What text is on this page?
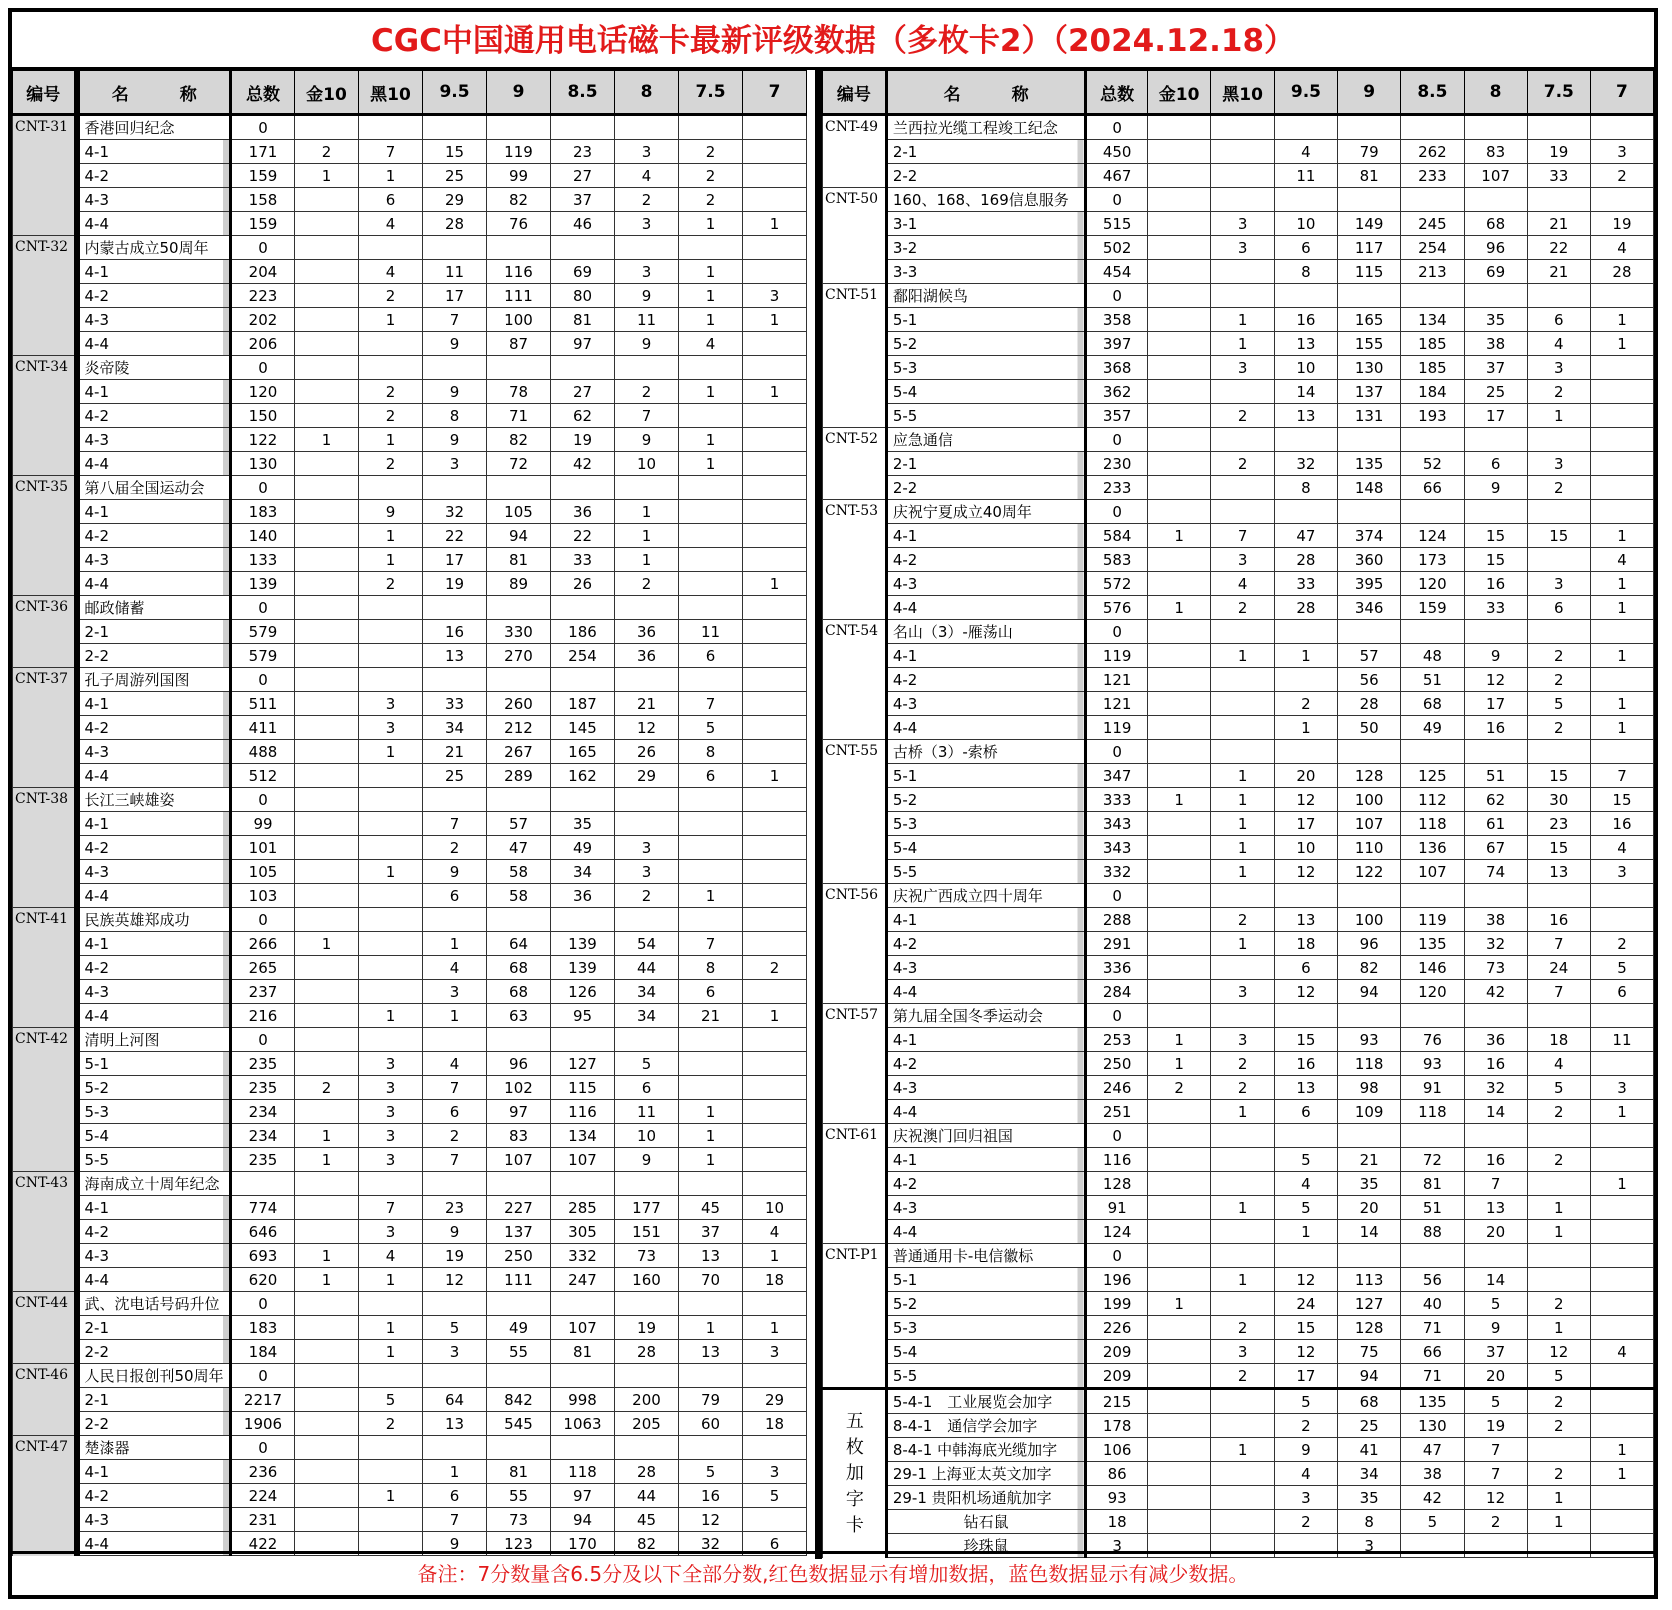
CGC中国通用电话磁卡最新评级数据（多枚卡2）（2024.12.18）
编号	名　　　称	总数	金10	黑10	9.5	9	8.5	8	7.5	7
CNT-31	香港回归纪念	0								
	4-1	171	2	7	15	119	23	3	2	
	4-2	159	1	1	25	99	27	4	2	
	4-3	158		6	29	82	37	2	2	
	4-4	159		4	28	76	46	3	1	1
CNT-32	内蒙古成立50周年	0								
	4-1	204		4	11	116	69	3	1	
	4-2	223		2	17	111	80	9	1	3
	4-3	202		1	7	100	81	11	1	1
	4-4	206			9	87	97	9	4	
CNT-34	炎帝陵	0								
	4-1	120		2	9	78	27	2	1	1
	4-2	150		2	8	71	62	7		
	4-3	122	1	1	9	82	19	9	1	
	4-4	130		2	3	72	42	10	1	
CNT-35	第八届全国运动会	0								
	4-1	183		9	32	105	36	1		
	4-2	140		1	22	94	22	1		
	4-3	133		1	17	81	33	1		
	4-4	139		2	19	89	26	2		1
CNT-36	邮政储蓄	0								
	2-1	579			16	330	186	36	11	
	2-2	579			13	270	254	36	6	
CNT-37	孔子周游列国图	0								
	4-1	511		3	33	260	187	21	7	
	4-2	411		3	34	212	145	12	5	
	4-3	488		1	21	267	165	26	8	
	4-4	512			25	289	162	29	6	1
CNT-38	长江三峡雄姿	0								
	4-1	99			7	57	35			
	4-2	101			2	47	49	3		
	4-3	105		1	9	58	34	3		
	4-4	103			6	58	36	2	1	
CNT-41	民族英雄郑成功	0								
	4-1	266	1		1	64	139	54	7	
	4-2	265			4	68	139	44	8	2
	4-3	237			3	68	126	34	6	
	4-4	216		1	1	63	95	34	21	1
CNT-42	清明上河图	0								
	5-1	235		3	4	96	127	5		
	5-2	235	2	3	7	102	115	6		
	5-3	234		3	6	97	116	11	1	
	5-4	234	1	3	2	83	134	10	1	
	5-5	235	1	3	7	107	107	9	1	
CNT-43	海南成立十周年纪念									
	4-1	774		7	23	227	285	177	45	10
	4-2	646		3	9	137	305	151	37	4
	4-3	693	1	4	19	250	332	73	13	1
	4-4	620	1	1	12	111	247	160	70	18
CNT-44	武、沈电话号码升位	0								
	2-1	183		1	5	49	107	19	1	1
	2-2	184		1	3	55	81	28	13	3
CNT-46	人民日报创刊50周年	0								
	2-1	2217		5	64	842	998	200	79	29
	2-2	1906		2	13	545	1063	205	60	18
CNT-47	楚漆器	0								
	4-1	236			1	81	118	28	5	3
	4-2	224		1	6	55	97	44	16	5
	4-3	231			7	73	94	45	12	
	4-4	422			9	123	170	82	32	6
编号	名　　　称	总数	金10	黑10	9.5	9	8.5	8	7.5	7
CNT-49	兰西拉光缆工程竣工纪念	0								
	2-1	450			4	79	262	83	19	3
	2-2	467			11	81	233	107	33	2
CNT-50	160、168、169信息服务	0								
	3-1	515		3	10	149	245	68	21	19
	3-2	502		3	6	117	254	96	22	4
	3-3	454			8	115	213	69	21	28
CNT-51	鄱阳湖候鸟	0								
	5-1	358		1	16	165	134	35	6	1
	5-2	397		1	13	155	185	38	4	1
	5-3	368		3	10	130	185	37	3	
	5-4	362			14	137	184	25	2	
	5-5	357		2	13	131	193	17	1	
CNT-52	应急通信	0								
	2-1	230		2	32	135	52	6	3	
	2-2	233			8	148	66	9	2	
CNT-53	庆祝宁夏成立40周年	0								
	4-1	584	1	7	47	374	124	15	15	1
	4-2	583		3	28	360	173	15		4
	4-3	572		4	33	395	120	16	3	1
	4-4	576	1	2	28	346	159	33	6	1
CNT-54	名山（3）-雁荡山	0								
	4-1	119		1	1	57	48	9	2	1
	4-2	121				56	51	12	2	
	4-3	121			2	28	68	17	5	1
	4-4	119			1	50	49	16	2	1
CNT-55	古桥（3）-索桥	0								
	5-1	347		1	20	128	125	51	15	7
	5-2	333	1	1	12	100	112	62	30	15
	5-3	343		1	17	107	118	61	23	16
	5-4	343		1	10	110	136	67	15	4
	5-5	332		1	12	122	107	74	13	3
CNT-56	庆祝广西成立四十周年	0								
	4-1	288		2	13	100	119	38	16	
	4-2	291		1	18	96	135	32	7	2
	4-3	336			6	82	146	73	24	5
	4-4	284		3	12	94	120	42	7	6
CNT-57	第九届全国冬季运动会	0								
	4-1	253	1	3	15	93	76	36	18	11
	4-2	250	1	2	16	118	93	16	4	
	4-3	246	2	2	13	98	91	32	5	3
	4-4	251		1	6	109	118	14	2	1
CNT-61	庆祝澳门回归祖国	0								
	4-1	116			5	21	72	16	2	
	4-2	128			4	35	81	7		1
	4-3	91		1	5	20	51	13	1	
	4-4	124			1	14	88	20	1	
CNT-P1	普通通用卡-电信徽标	0								
	5-1	196		1	12	113	56	14		
	5-2	199	1		24	127	40	5	2	
	5-3	226		2	15	128	71	9	1	
	5-4	209		3	12	75	66	37	12	4
	5-5	209		2	17	94	71	20	5	

五
枚
加
字
卡	5-4-1　工业展览会加字	215			5	68	135	5	2	
	8-4-1　通信学会加字	178			2	25	130	19	2	
	8-4-1 中韩海底光缆加字	106		1	9	41	47	7		1
	29-1 上海亚太英文加字	86			4	34	38	7	2	1
	29-1 贵阳机场通航加字	93			3	35	42	12	1	
	钻石鼠	18			2	8	5	2	1	
	珍珠鼠	3				3				
备注：7分数量含6.5分及以下全部分数,红色数据显示有增加数据，蓝色数据显示有减少数据。
